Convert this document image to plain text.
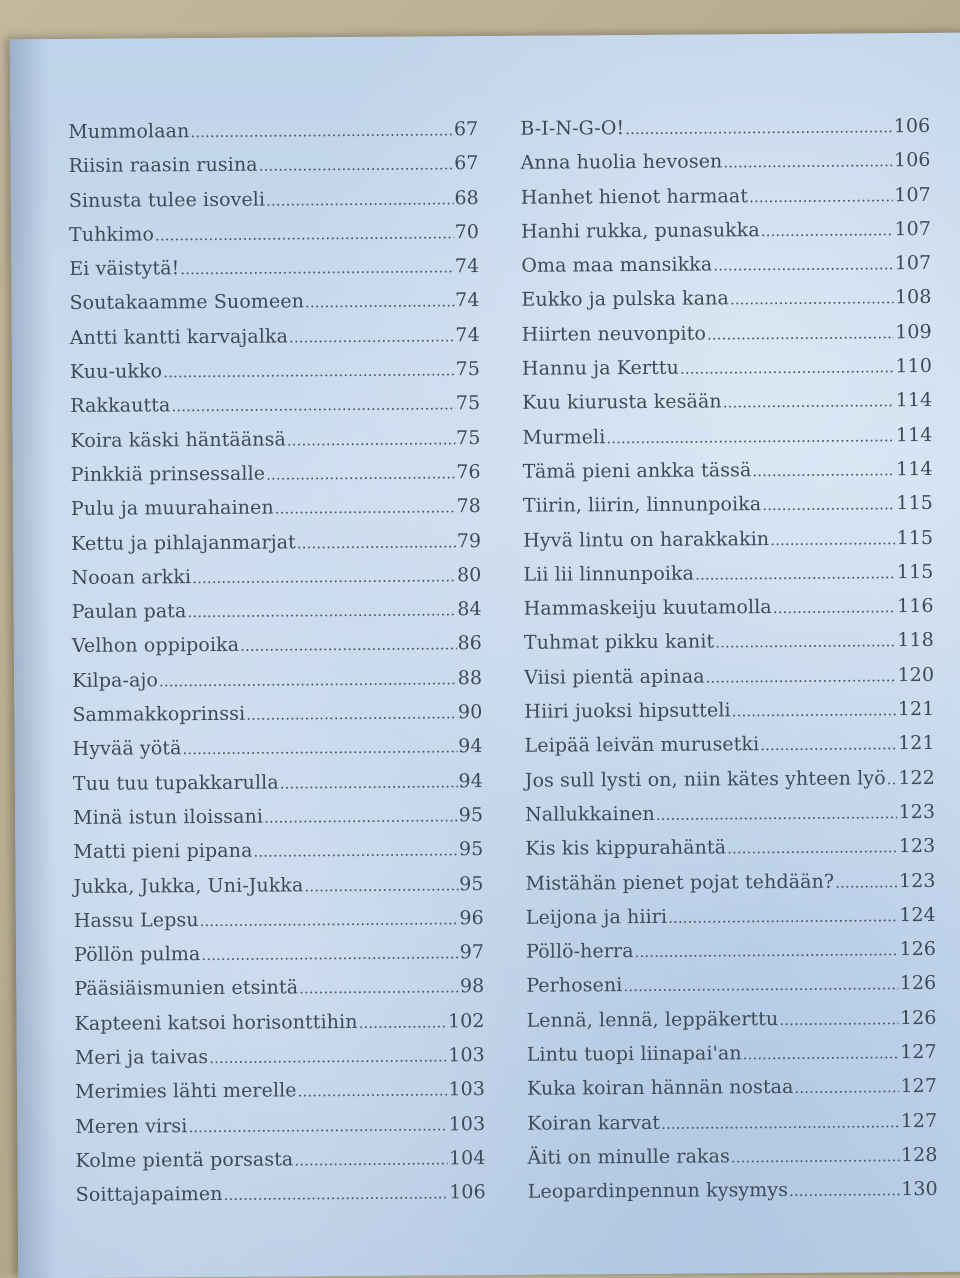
Mummolaan .....	67
Riisin raasin rusina .....	67
Sinusta tulee isoveli .....	68
Tuhkimo .....	70
Ei väistytä! .....	74
Soutakaamme Suomeen .....	74
Antti kantti karvajalka .....	74
Kuu-ukko .....	75
Rakkautta .....	75
Koira käski häntäänsä .....	75
Pinkkiä prinsessalle .....	76
Pulu ja muurahainen .....	78
Kettu ja pihlajanmarjat .....	79
Nooan arkki .....	80
Paulan pata .....	84
Velhon oppipoika .....	86
Kilpa-ajo .....	88
Sammakkoprinssi .....	90
Hyvää yötä .....	94
Tuu tuu tupakkarulla .....	94
Minä istun iloissani .....	95
Matti pieni pipana .....	95
Jukka, Jukka, Uni-Jukka .....	95
Hassu Lepsu .....	96
Pöllön pulma .....	97
Pääsiäismunien etsintä .....	98
Kapteeni katsoi horisonttihin .....	102
Meri ja taivas .....	103
Merimies lähti merelle .....	103
Meren virsi .....	103
Kolme pientä porsasta .....	104
Soittajapaimen .....	106
B-I-N-G-O! .....	106
Anna huolia hevosen .....	106
Hanhet hienot harmaat .....	107
Hanhi rukka, punasukka .....	107
Oma maa mansikka .....	107
Eukko ja pulska kana .....	108
Hiirten neuvonpito .....	109
Hannu ja Kerttu .....	110
Kuu kiurusta kesään .....	114
Murmeli .....	114
Tämä pieni ankka tässä .....	114
Tiirin, liirin, linnunpoika .....	115
Hyvä lintu on harakkakin .....	115
Lii lii linnunpoika .....	115
Hammaskeiju kuutamolla .....	116
Tuhmat pikku kanit .....	118
Viisi pientä apinaa .....	120
Hiiri juoksi hipsutteli .....	121
Leipää leivän murusetki .....	121
Jos sull lysti on, niin kätes yhteen lyö ..... 122
Nallukkainen .....	123
Kis kis kippurahäntä .....	123
Mistähän pienet pojat tehdään? .....	123
Leijona ja hiiri .....	124
Pöllö-herra .....	126
Perhoseni .....	126
Lennä, lennä, leppäkerttu .....	126
Lintu tuopi liinapai'an .....	127
Kuka koiran hännän nostaa .....	127
Koiran karvat .....	127
Äiti on minulle rakas .....	128
Leopardinpennun kysymys .....	130
